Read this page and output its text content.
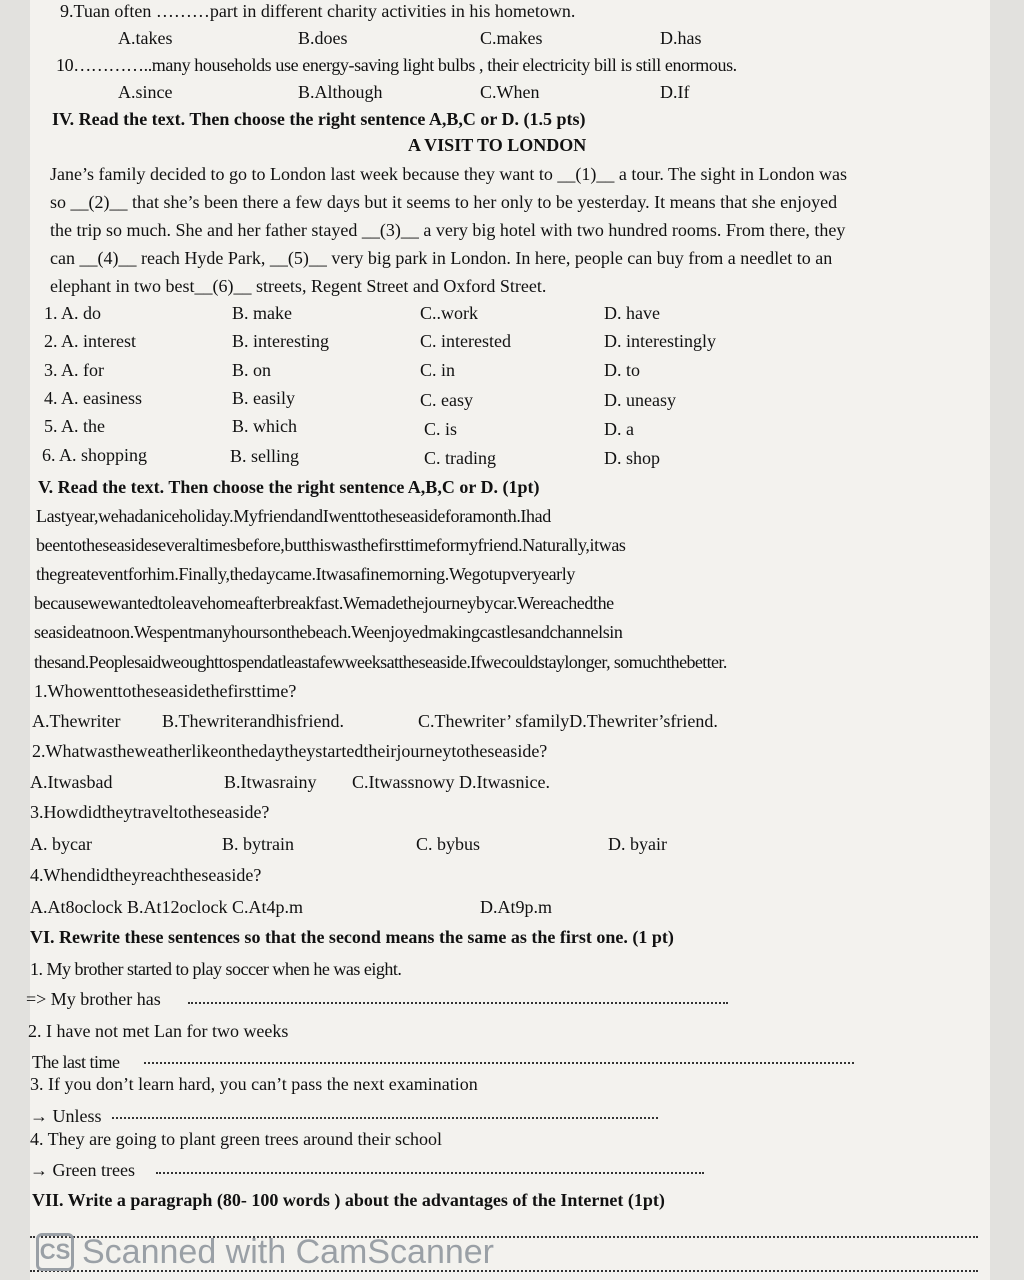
9.Tuan often ………part in different charity activities in his hometown.
A.takes	B.does	C.makes	D.has
10…………..many households use energy-saving light bulbs , their electricity bill is still enormous.
A.since	B.Although	C.When	D.If
IV. Read the text. Then choose the right sentence A,B,C or D. (1.5 pts)
A VISIT TO LONDON
Jane’s family decided to go to London last week because they want to __(1)__ a tour. The sight in London was
so __(2)__ that she’s been there a few days but it seems to her only to be yesterday. It means that she enjoyed
the trip so much. She and her father stayed __(3)__ a very big hotel with two hundred rooms. From there, they
can __(4)__ reach Hyde Park, __(5)__ very big park in London. In here, people can buy from a needlet to an
elephant in two best__(6)__ streets, Regent Street and Oxford Street.
1. A. do	B. make	C..work	D. have
2. A. interest	B. interesting	C. interested	D. interestingly
3. A. for	B. on	C. in	D. to
4. A. easiness	B. easily	C. easy	D. uneasy
5. A. the	B. which	C. is	D. a
6. A. shopping	B. selling	C. trading	D. shop
V. Read the text. Then choose the right sentence A,B,C or D. (1pt)
Lastyear,wehadaniceholiday.MyfriendandIwenttotheseasideforamonth.Ihad
beentotheseasideseveraltimesbefore,butthiswasthefirsttimeformyfriend.Naturally,itwas
thegreateventforhim.Finally,thedaycame.Itwasafinemorning.Wegotupveryearly
becausewewantedtoleavehomeafterbreakfast.Wemadethejourneybycar.Wereachedthe
seasideatnoon.Wespentmanyhoursonthebeach.Weenjoyedmakingcastlesandchannelsin
thesand.Peoplesaidweoughttospendatleastafewweeksattheseaside.Ifwecouldstaylonger, somuchthebetter.
1.Whowenttotheseasidethefirsttime?
A.Thewriter B.Thewriterandhisfriend.	C.Thewriter’ sfamilyD.Thewriter’sfriend.
2.Whatwastheweatherlikeonthedaytheystartedtheirjourneytotheseaside?
A.Itwasbad	B.Itwasrainy C.Itwassnowy D.Itwasnice.
3.Howdidtheytraveltotheseaside?
A. bycar	B. bytrain	C. bybus	D. byair
4.Whendidtheyreachtheseaside?
A.At8oclock B.At12oclock C.At4p.m	D.At9p.m
VI. Rewrite these sentences so that the second means the same as the first one. (1 pt)
1. My brother started to play soccer when he was eight.
=> My brother has
2. I have not met Lan for two weeks
The last time
3. If you don’t learn hard, you can’t pass the next examination
→ Unless
4. They are going to plant green trees around their school
→ Green trees
VII. Write a paragraph (80- 100 words ) about the advantages of the Internet (1pt)
CS Scanned with CamScanner
